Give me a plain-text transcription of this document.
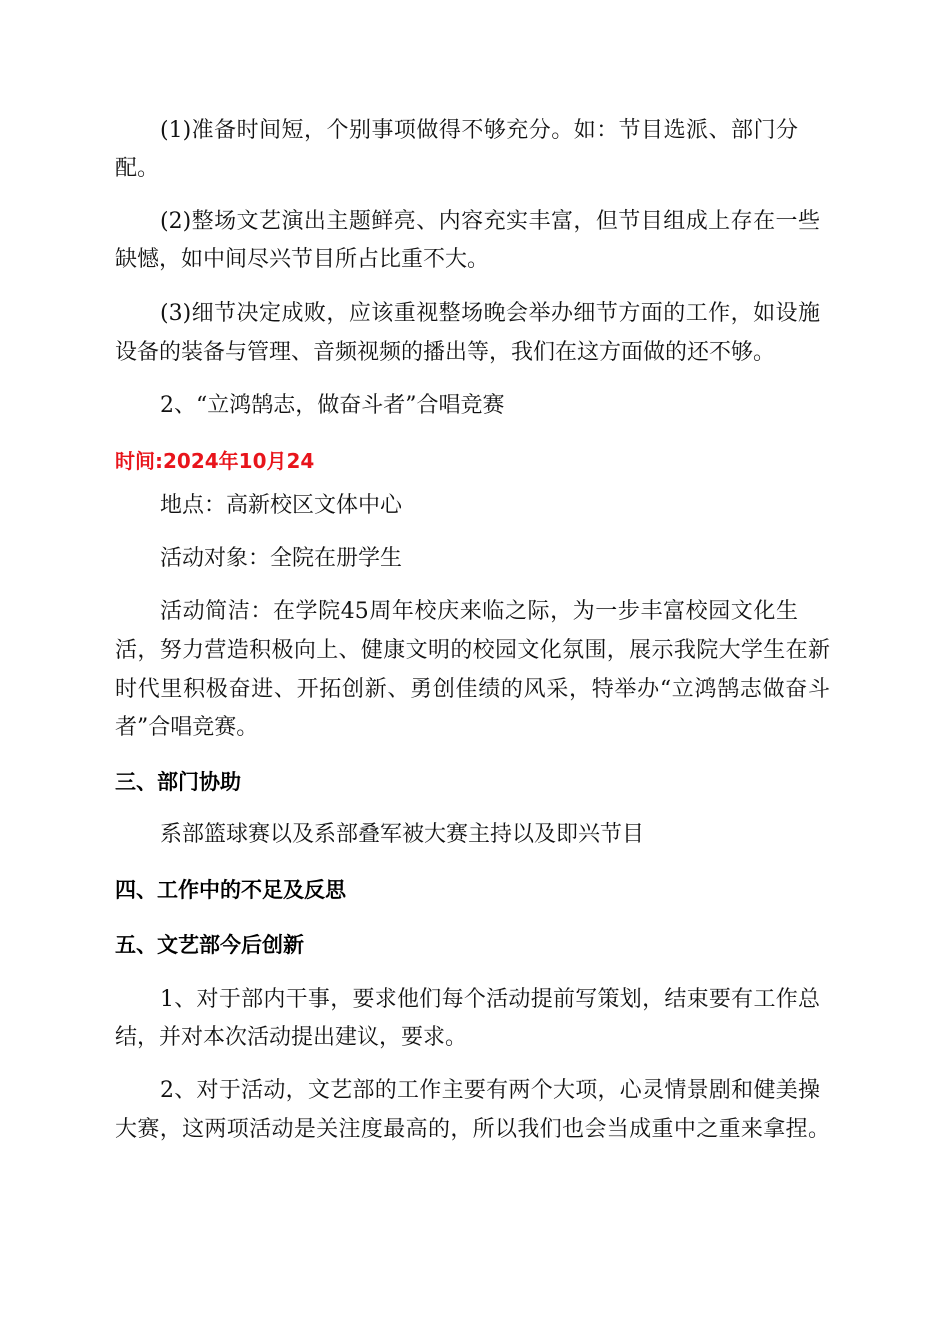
(1)准备时间短，个别事项做得不够充分。如：节目选派、部门分
配。
(2)整场文艺演出主题鲜亮、内容充实丰富，但节目组成上存在一些
缺憾，如中间尽兴节目所占比重不大。
(3)细节决定成败，应该重视整场晚会举办细节方面的工作，如设施
设备的装备与管理、音频视频的播出等，我们在这方面做的还不够。
2、“立鸿鹄志，做奋斗者”合唱竞赛
时间:2024年10月24
地点：高新校区文体中心
活动对象：全院在册学生
活动简洁：在学院45周年校庆来临之际，为一步丰富校园文化生
活，努力营造积极向上、健康文明的校园文化氛围，展示我院大学生在新
时代里积极奋进、开拓创新、勇创佳绩的风采，特举办“立鸿鹄志做奋斗
者”合唱竞赛。
三、部门协助
系部篮球赛以及系部叠军被大赛主持以及即兴节目
四、工作中的不足及反思
五、文艺部今后创新
1、对于部内干事，要求他们每个活动提前写策划，结束要有工作总
结，并对本次活动提出建议，要求。
2、对于活动，文艺部的工作主要有两个大项，心灵情景剧和健美操
大赛，这两项活动是关注度最高的，所以我们也会当成重中之重来拿捏。
